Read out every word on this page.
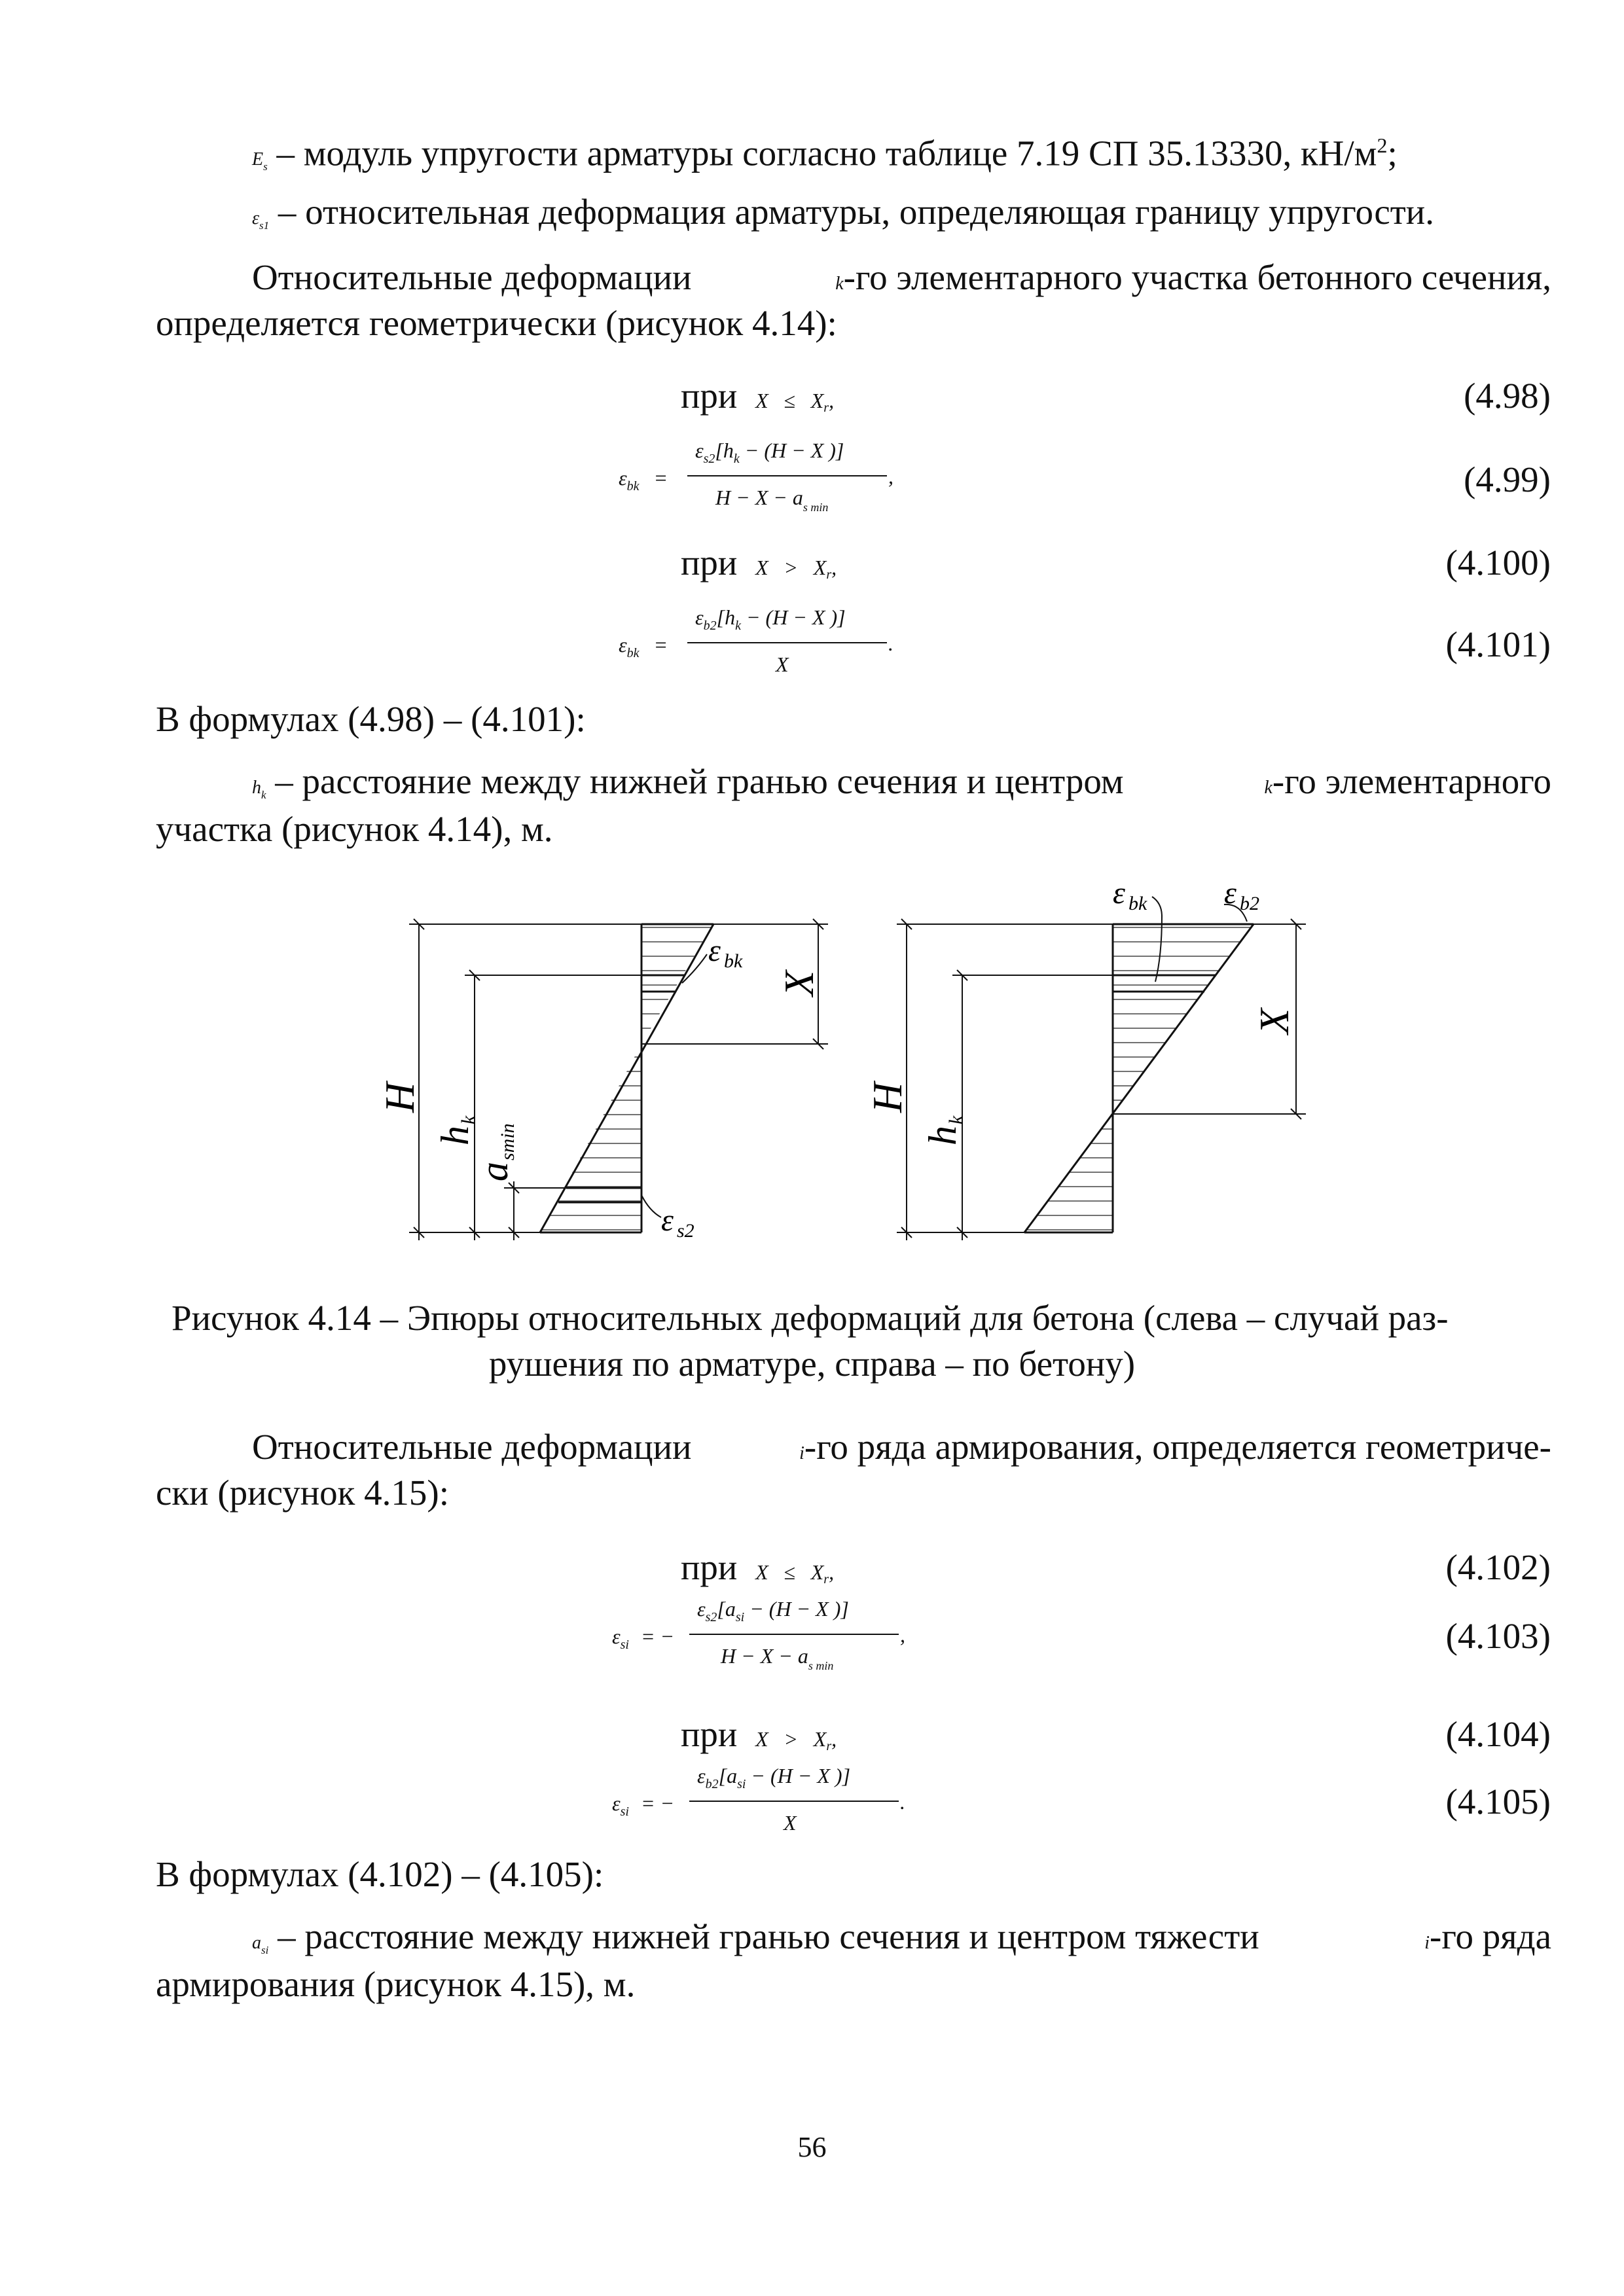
$E_s$ – модуль упругости арматуры согласно таблице 7.19 СП 35.13330, $кН/м^2$;
$\varepsilon_{s1}$ – относительная деформация арматуры, определяющая границу упругости.
Относительные деформации	k-го элементарного участка бетонного сечения,
определяется геометрически (рисунок 4.14):
при X ≤ Xr,	(4.98)
εbk =
εs2[hk − (H − X )]
,
H − X − as min
(4.99)
при X > Xr,	(4.100)
εbk =
εb2[hk − (H − X )]
.
X	(4.101)
В формулах (4.98) – (4.101):
$h_k$ – расстояние между нижней гранью сечения и центром	k-го элементарного
участка (рисунок 4.14), м.
H
h
k
a
smin
X
ε bk
ε s2
H
h
k
X
ε bk ε b2
Рисунок 4.14 – Эпюры относительных деформаций для бетона (слева – случай раз-
рушения по арматуре, справа – по бетону)
Относительные деформации	i-го ряда армирования, определяется геометриче-
ски (рисунок 4.15):
при X ≤ Xr,	(4.102)
εsi = −
εs2[asi − (H − X )]
,
H − X − as min
(4.103)
при X > Xr,	(4.104)
εsi = −
εb2[asi − (H − X )]
.
X
(4.105)
В формулах (4.102) – (4.105):
$a_{si}$ – расстояние между нижней гранью сечения и центром тяжести	i-го ряда
армирования (рисунок 4.15), м.
56
